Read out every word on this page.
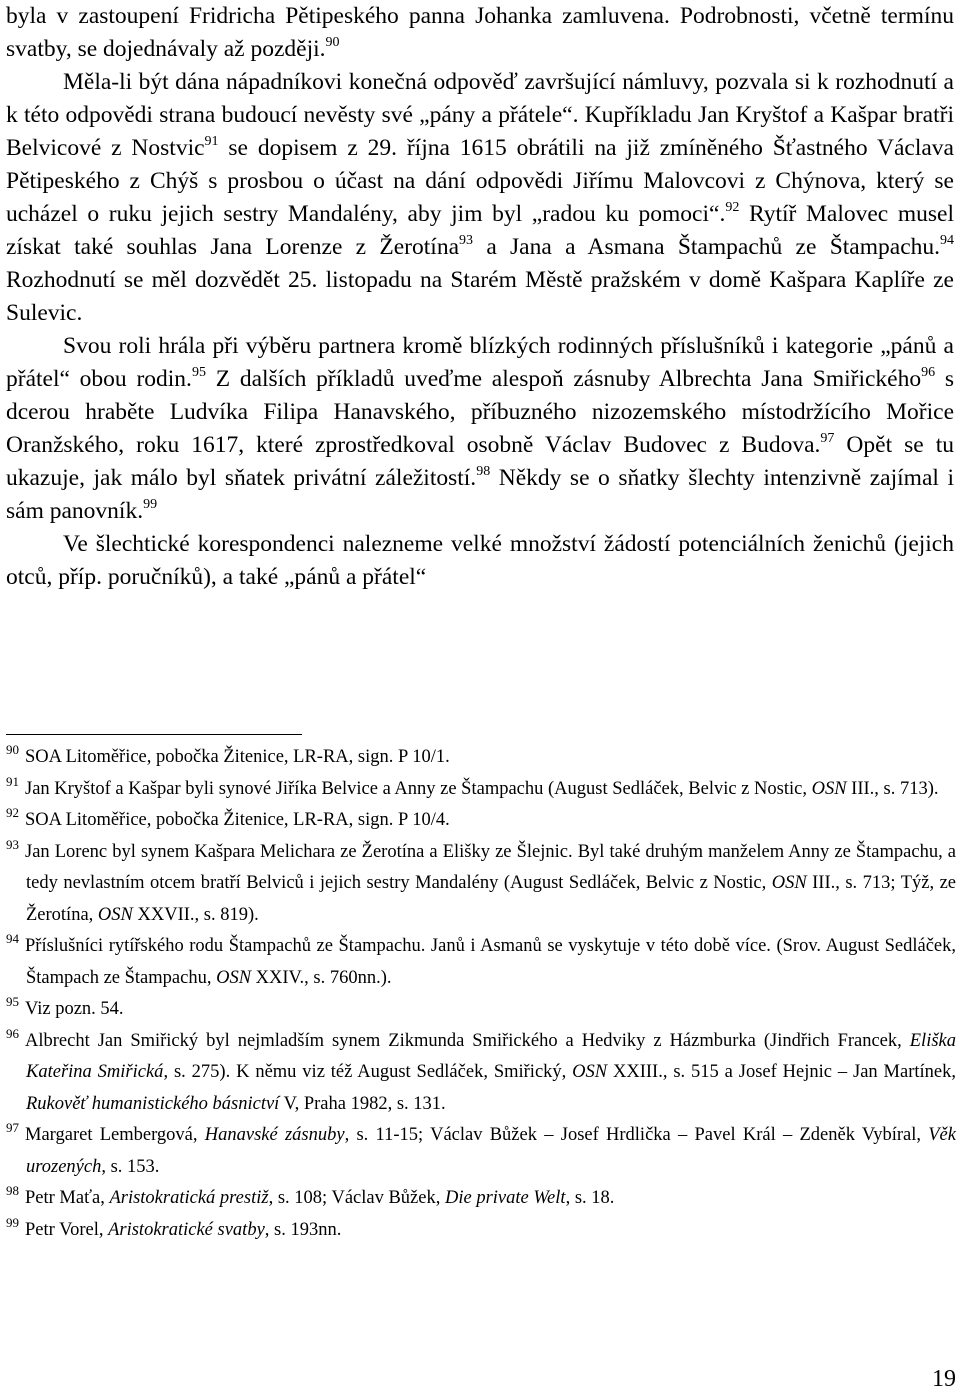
byla v zastoupení Fridricha Pětipeského panna Johanka zamluvena. Podrobnosti, včetně termínu svatby, se dojednávaly až později.$^{90}$

Měla-li být dána nápadníkovi konečná odpověď završující námluvy, pozvala si k rozhodnutí a k této odpovědi strana budoucí nevěsty své „pány a přátele“. Kupříkladu Jan Kryštof a Kašpar bratři Belvicové z Nostvic$^{91}$ se dopisem z 29. října 1615 obrátili na již zmíněného Šťastného Václava Pětipeského z Chýš s prosbou o účast na dání odpovědi Jiřímu Malovcovi z Chýnova, který se ucházel o ruku jejich sestry Mandalény, aby jim byl „radou ku pomoci“.$^{92}$ Rytíř Malovec musel získat také souhlas Jana Lorenze z Žerotína$^{93}$ a Jana a Asmana Štampachů ze Štampachu.$^{94}$ Rozhodnutí se měl dozvědět 25. listopadu na Starém Městě pražském v domě Kašpara Kaplíře ze Sulevic.

Svou roli hrála při výběru partnera kromě blízkých rodinných příslušníků i kategorie „pánů a přátel“ obou rodin.$^{95}$ Z dalších příkladů uveďme alespoň zásnuby Albrechta Jana Smiřického$^{96}$ s dcerou hraběte Ludvíka Filipa Hanavského, příbuzného nizozemského místodržícího Mořice Oranžského, roku 1617, které zprostředkoval osobně Václav Budovec z Budova.$^{97}$ Opět se tu ukazuje, jak málo byl sňatek privátní záležitostí.$^{98}$ Někdy se o sňatky šlechty intenzivně zajímal i sám panovník.$^{99}$

Ve šlechtické korespondenci nalezneme velké množství žádostí potenciálních ženichů (jejich otců, příp. poručníků), a také „pánů a přátel“

$^{90}$ SOA Litoměřice, pobočka Žitenice, LR-RA, sign. P 10/1.

$^{91}$ Jan Kryštof a Kašpar byli synové Jiříka Belvice a Anny ze Štampachu (August Sedláček, Belvic z Nostic, OSN III., s. 713).

$^{92}$ SOA Litoměřice, pobočka Žitenice, LR-RA, sign. P 10/4.

$^{93}$ Jan Lorenc byl synem Kašpara Melichara ze Žerotína a Elišky ze Šlejnic. Byl také druhým manželem Anny ze Štampachu, a tedy nevlastním otcem bratří Belviců i jejich sestry Mandalény (August Sedláček, Belvic z Nostic, OSN III., s. 713; Týž, ze Žerotína, OSN XXVII., s. 819).

$^{94}$ Příslušníci rytířského rodu Štampachů ze Štampachu. Janů i Asmanů se vyskytuje v této době více. (Srov. August Sedláček, Štampach ze Štampachu, OSN XXIV., s. 760nn.).

$^{95}$ Viz pozn. 54.

$^{96}$ Albrecht Jan Smiřický byl nejmladším synem Zikmunda Smiřického a Hedviky z Házmburka (Jindřich Francek, Eliška Kateřina Smiřická, s. 275). K němu viz též August Sedláček, Smiřický, OSN XXIII., s. 515 a Josef Hejnic – Jan Martínek, Rukověť humanistického básnictví V, Praha 1982, s. 131.

$^{97}$ Margaret Lembergová, Hanavské zásnuby, s. 11-15; Václav Bůžek – Josef Hrdlička – Pavel Král – Zdeněk Vybíral, Věk urozených, s. 153.

$^{98}$ Petr Maťa, Aristokratická prestiž, s. 108; Václav Bůžek, Die private Welt, s. 18.

$^{99}$ Petr Vorel, Aristokratické svatby, s. 193nn.

19
